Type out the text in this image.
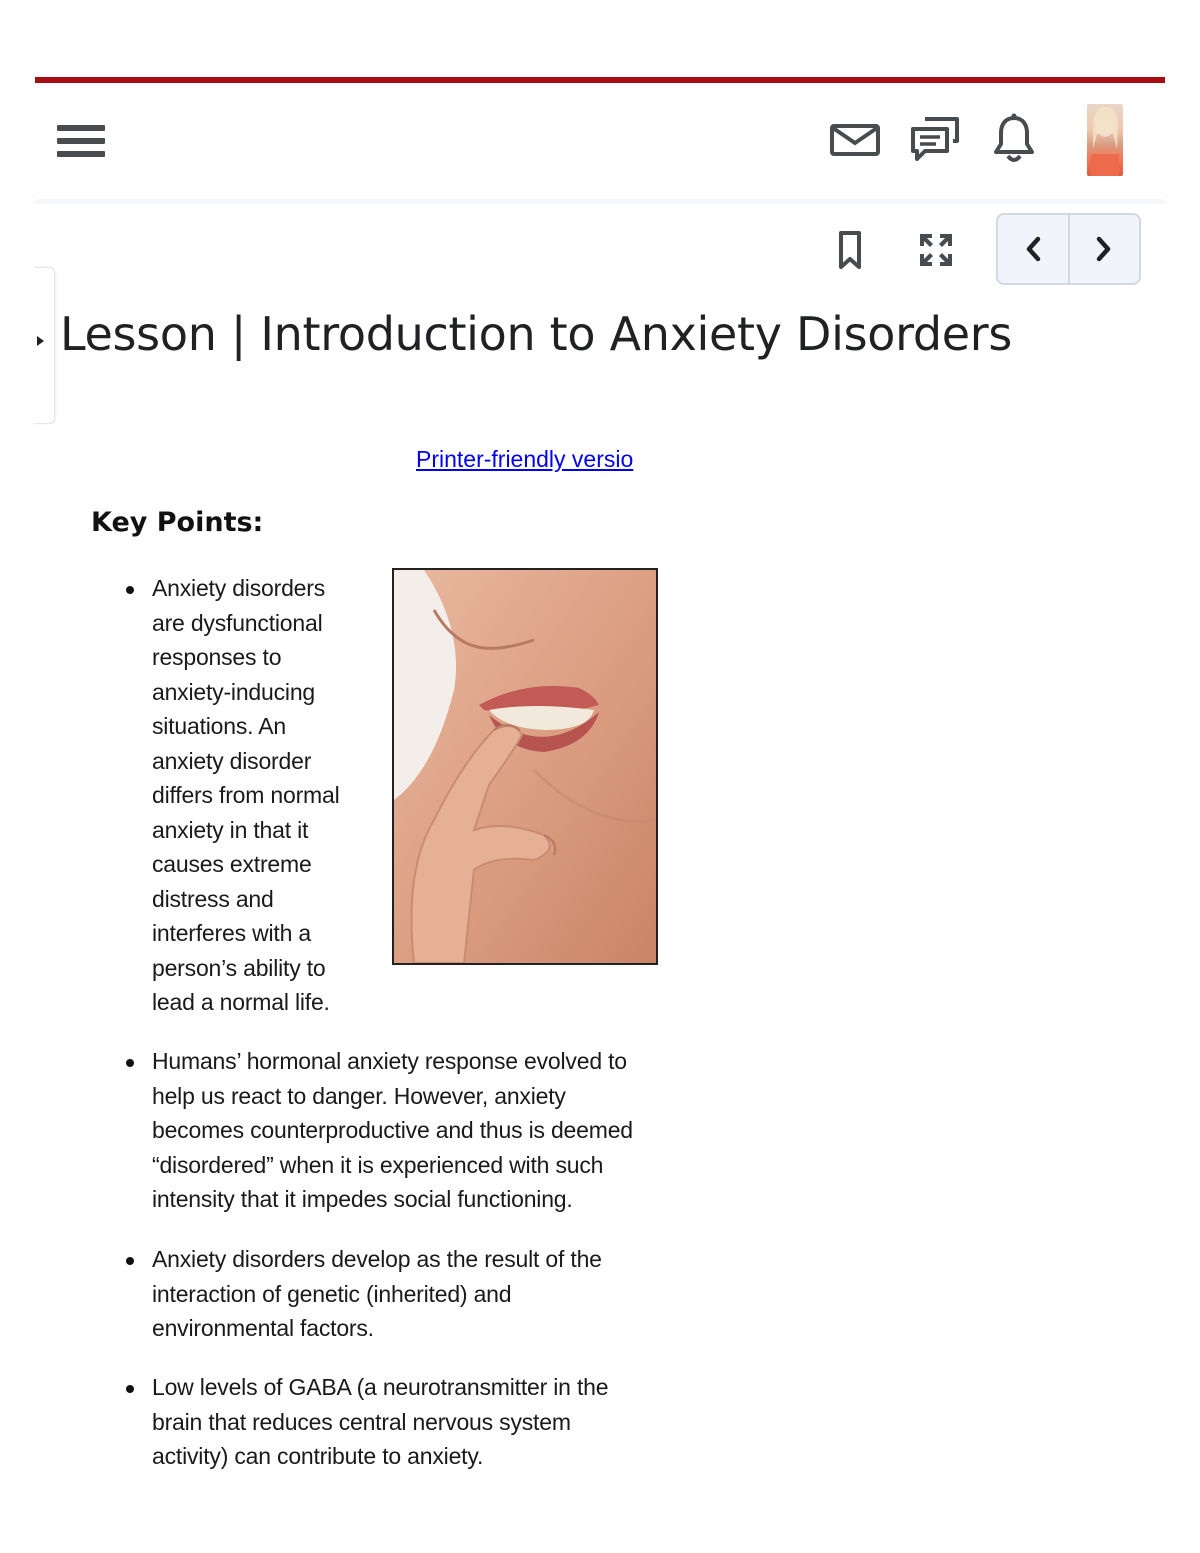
Lesson | Introduction to Anxiety Disorders
Printer-friendly versio
Key Points:
Anxiety disorders
are dysfunctional
responses to
anxiety-inducing
situations. An
anxiety disorder
differs from normal
anxiety in that it
causes extreme
distress and
interferes with a
person’s ability to
lead a normal life.
Humans’ hormonal anxiety response evolved to
help us react to danger. However, anxiety
becomes counterproductive and thus is deemed
“disordered” when it is experienced with such
intensity that it impedes social functioning.
Anxiety disorders develop as the result of the
interaction of genetic (inherited) and
environmental factors.
Low levels of GABA (a neurotransmitter in the
brain that reduces central nervous system
activity) can contribute to anxiety.
